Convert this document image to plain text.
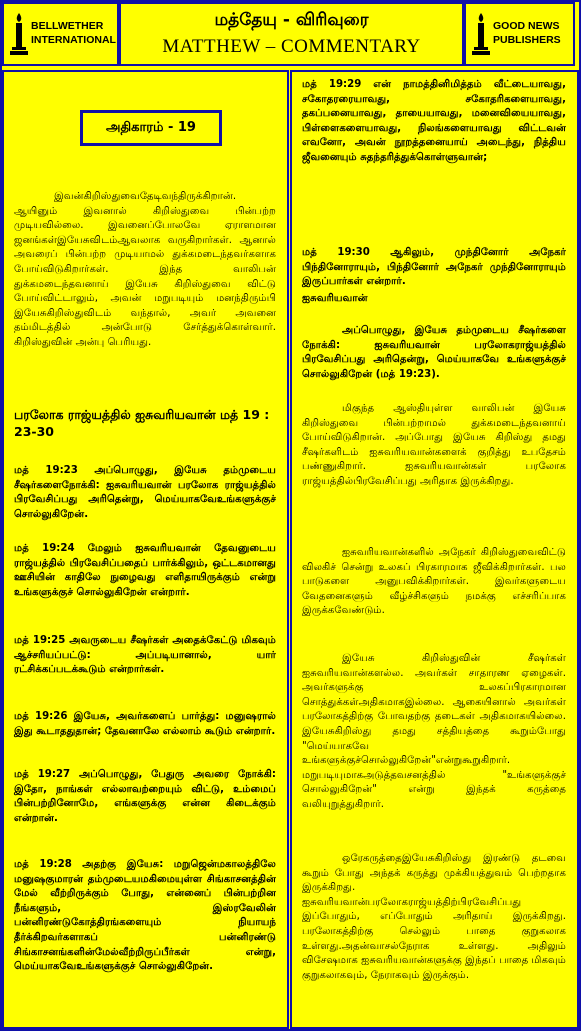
BELLWETHER
INTERNATIONAL
மத்தேயு - விரிவுரை
MATTHEW – COMMENTARY
GOOD NEWS
PUBLISHERS
அதிகாரம் - 19

இவன்கிறிஸ்துவைதேடிவந்திருக்கிறான். ஆயினும் இவனால் கிறிஸ்துவை பின்பற்ற முடியவில்லை. இவனைப்போலவே ஏராளமான ஜனங்கள்இயேசுவிடம்ஆவலாக வருகிறார்கள். ஆனால் அவரைப் பின்பற்ற முடியாமல் துக்கமடைந்தவர்களாக போய்விடுகிறார்கள். இந்த வாலிபன் துக்கமடைந்தவனாய் இயேசு கிறிஸ்துவை விட்டு போய்விட்டாலும், அவன் மறுபடியும் மனந்திரும்பி இயேசுகிறிஸ்துவிடம் வந்தால், அவர் அவனை தம்மிடத்தில் அன்போடு சேர்த்துக்கொள்வார். கிறிஸ்துவின் அன்பு பெரியது.

பரலோக ராஜ்யத்தில் ஐசுவரியவான் மத் 19 : 23-30

மத் 19:23 அப்பொழுது, இயேசு தம்முடைய சீஷர்களைநோக்கி: ஐசுவரியவான் பரலோக ராஜ்யத்தில் பிரவேசிப்பது அரிதென்று, மெய்யாகவேஉங்களுக்குச் சொல்லுகிறேன்.

மத் 19:24 மேலும் ஐசுவரியவான் தேவனுடைய ராஜ்யத்தில் பிரவேசிப்பதைப் பார்க்கிலும், ஒட்டகமானது ஊசியின் காதிலே நுழைவது எளிதாயிருக்கும் என்று உங்களுக்குச் சொல்லுகிறேன் என்றார்.

மத் 19:25 அவருடைய சீஷர்கள் அதைக்கேட்டு மிகவும் ஆச்சரியப்பட்டு: அப்படியானால், யார் ரட்சிக்கப்படக்கூடும் என்றார்கள்.

மத் 19:26 இயேசு, அவர்களைப் பார்த்து: மனுஷரால் இது கூடாததுதான்; தேவனாலே எல்லாம் கூடும் என்றார்.

மத் 19:27 அப்பொழுது, பேதுரு அவரை நோக்கி: இதோ, நாங்கள் எல்லாவற்றையும் விட்டு, உம்மைப் பின்பற்றினோமே, எங்களுக்கு என்ன கிடைக்கும் என்றான்.

மத் 19:28 அதற்கு இயேசு: மறுஜென்மகாலத்திலே மனுஷகுமாரன் தம்முடையமகிமையுள்ள சிங்காசனத்தின் மேல் வீற்றிருக்கும் போது, என்னைப் பின்பற்றின நீங்களும், இஸ்ரவேலின் பன்னிரண்டுகோத்திரங்களையும் நியாயந் தீர்க்கிறவர்களாகப் பன்னிரண்டு சிங்காசனங்களின்மேல்வீற்றிருப்பீர்கள் என்று, மெய்யாகவேஉங்களுக்குச் சொல்லுகிறேன்.

மத் 19:29 என் நாமத்தினிமித்தம் வீட்டையாவது, சகோதரரையாவது, சகோதரிகளையாவது, தகப்பனையாவது, தாயையாவது, மனைவியையாவது, பிள்ளைகளையாவது, நிலங்களையாவது விட்டவன் எவனோ, அவன் நூறத்தனையாய் அடைந்து, நித்திய ஜீவனையும் சுதந்தரித்துக்கொள்ளுவான்;

மத் 19:30 ஆகிலும், முந்தினோர் அநேகர் பிந்தினோராயும், பிந்தினோர் அநேகர் முந்தினோராயும் இருப்பார்கள் என்றார்.

ஐசுவரியவான்

அப்பொழுது, இயேசு தம்முடைய சீஷர்களை நோக்கி: ஐசுவரியவான் பரலோகராஜ்யத்தில் பிரவேசிப்பது அரிதென்று, மெய்யாகவே உங்களுக்குச் சொல்லுகிறேன் (மத் 19:23).

மிகுந்த ஆஸ்தியுள்ள வாலிபன் இயேசு கிறிஸ்துவை பின்பற்றாமல் துக்கமடைந்தவனாய் போய்விடுகிறான். அப்போது இயேசு கிறிஸ்து தமது சீஷர்களிடம் ஐசுவரியவான்களைக் குறித்து உபதேசம் பண்ணுகிறார். ஐசுவரியவான்கள் பரலோக ராஜ்யத்தில்பிரவேசிப்பது அரிதாக இருக்கிறது.

ஐசுவரியவான்களில் அநேகர் கிறிஸ்துவைவிட்டு விலகிச் சென்று உலகப் பிரகாரமாக ஜீவிக்கிறார்கள். பல பாடுகளை அனுபவிக்கிறார்கள். இவர்களுடைய வேதனைகளும் வீழ்ச்சிகளும் நமக்கு எச்சரிப்பாக இருக்கவேண்டும்.

இயேசு கிறிஸ்துவின் சீஷர்கள் ஐசுவரியவான்களல்ல. அவர்கள் சாதாரண ஏழைகள். அவர்களுக்கு உலகப்பிரகாரமான சொத்துக்கள்அதிகமாகஇல்லை. ஆகையினால் அவர்கள் பரலோகத்திற்கு போவதற்கு தடைகள் அதிகமாகயில்லை. இயேசுகிறிஸ்து தமது சத்தியத்தை கூறும்போது "மெய்யாகவே உங்களுக்குச்சொல்லுகிறேன்"என்றுகூறுகிறார். மறுபடியுமாகஅடுத்தவசனத்தில் "உங்களுக்குச் சொல்லுகிறேன்" என்று இந்தக் கருத்தை வலியுறுத்துகிறார்.

ஒரேகருத்தைஇயேசுகிறிஸ்து இரண்டு தடவை கூறும் போது அந்தக் கருத்து முக்கியத்துவம் பெற்றதாக இருக்கிறது. ஐசுவரியவான்பரலோகராஜ்யத்திற்பிரவேசிப்பது இப்போதும், எப்போதும் அரிதாய் இருக்கிறது. பரலோகத்திற்கு செல்லும் பாதை குறுகலாக உள்ளது.அதன்வாசல்நேராக உள்ளது. அதிலும் விசேஷமாக ஐசுவரியவான்களுக்கு இந்தப் பாதை மிகவும் குறுகலாகவும், நேராகவும் இருக்கும்.
